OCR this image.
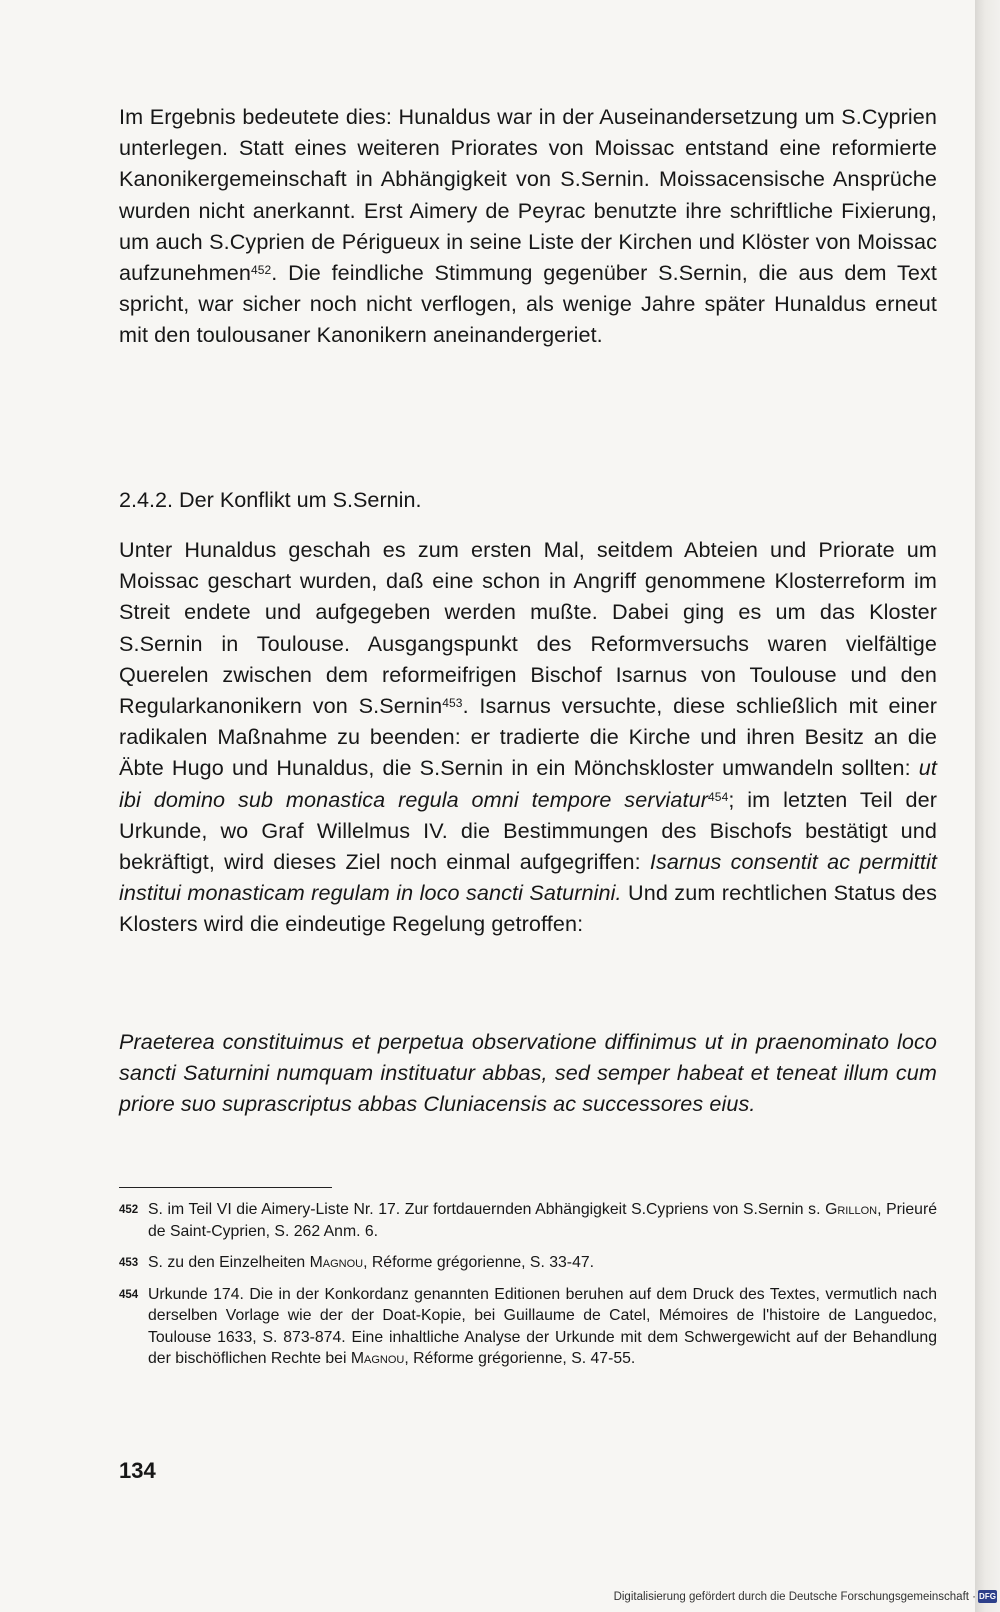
Im Ergebnis bedeutete dies: Hunaldus war in der Auseinandersetzung um S.Cyprien unterlegen. Statt eines weiteren Priorates von Moissac entstand eine reformierte Kanonikergemeinschaft in Abhängigkeit von S.Sernin. Moissacensische Ansprüche wurden nicht anerkannt. Erst Aimery de Peyrac benutzte ihre schriftliche Fixierung, um auch S.Cyprien de Périgueux in seine Liste der Kirchen und Klöster von Moissac aufzunehmen$^{452}$. Die feindliche Stimmung gegenüber S.Sernin, die aus dem Text spricht, war sicher noch nicht verflogen, als wenige Jahre später Hunaldus erneut mit den toulousaner Kanonikern aneinandergeriet.

2.4.2. Der Konflikt um S.Sernin.

Unter Hunaldus geschah es zum ersten Mal, seitdem Abteien und Priorate um Moissac geschart wurden, daß eine schon in Angriff genommene Klosterreform im Streit endete und aufgegeben werden mußte. Dabei ging es um das Kloster S.Sernin in Toulouse. Ausgangspunkt des Reformversuchs waren vielfältige Querelen zwischen dem reformeifrigen Bischof Isarnus von Toulouse und den Regularkanonikern von S.Sernin$^{453}$. Isarnus versuchte, diese schließlich mit einer radikalen Maßnahme zu beenden: er tradierte die Kirche und ihren Besitz an die Äbte Hugo und Hunaldus, die S.Sernin in ein Mönchskloster umwandeln sollten: ut ibi domino sub monastica regula omni tempore serviatur$^{454}$; im letzten Teil der Urkunde, wo Graf Willelmus IV. die Bestimmungen des Bischofs bestätigt und bekräftigt, wird dieses Ziel noch einmal aufgegriffen: Isarnus consentit ac permittit institui monasticam regulam in loco sancti Saturnini. Und zum rechtlichen Status des Klosters wird die eindeutige Regelung getroffen:

Praeterea constituimus et perpetua observatione diffinimus ut in praenominato loco sancti Saturnini numquam instituatur abbas, sed semper habeat et teneat illum cum priore suo suprascriptus abbas Cluniacensis ac successores eius.

452 S. im Teil VI die Aimery-Liste Nr. 17. Zur fortdauernden Abhängigkeit S.Cypriens von S.Sernin s. Grillon, Prieuré de Saint-Cyprien, S. 262 Anm. 6.

453 S. zu den Einzelheiten Magnou, Réforme grégorienne, S. 33-47.

454 Urkunde 174. Die in der Konkordanz genannten Editionen beruhen auf dem Druck des Textes, vermutlich nach derselben Vorlage wie der der Doat-Kopie, bei Guillaume de Catel, Mémoires de l'histoire de Languedoc, Toulouse 1633, S. 873-874. Eine inhaltliche Analyse der Urkunde mit dem Schwergewicht auf der Behandlung der bischöflichen Rechte bei Magnou, Réforme grégorienne, S. 47-55.

134
Digitalisierung gefördert durch die Deutsche Forschungsgemeinschaft · DFG
